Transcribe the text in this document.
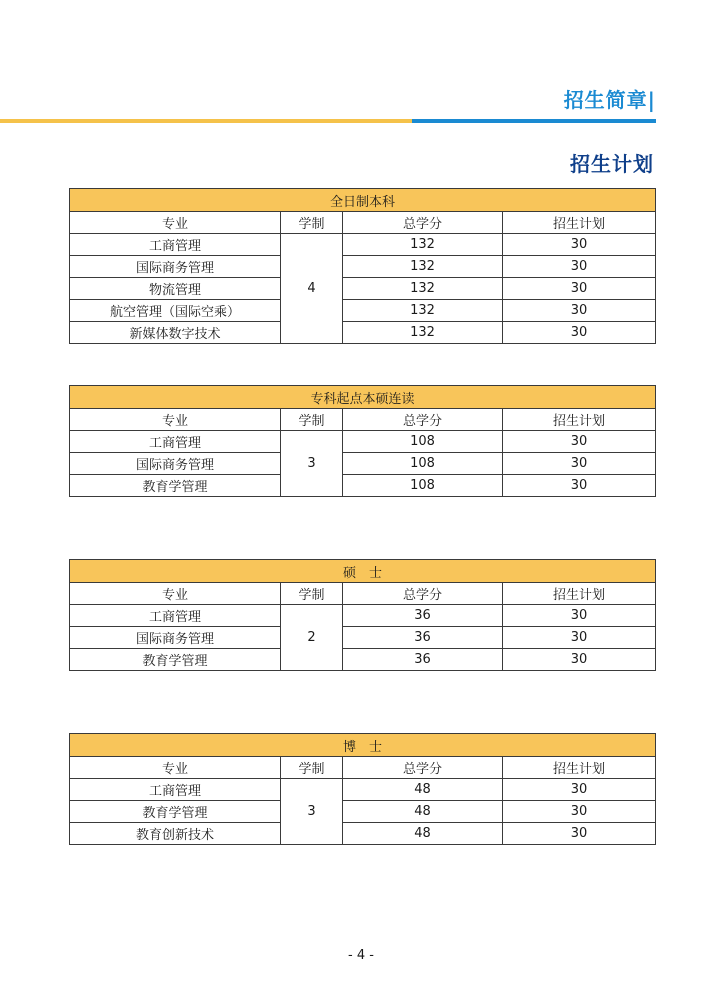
招生简章|
招生计划
全日制本科			
专业	学制	总学分	招生计划
工商管理	4	132	30
国际商务管理		132	30
物流管理		132	30
航空管理（国际空乘）		132	30
新媒体数字技术		132	30
专科起点本硕连读			
专业	学制	总学分	招生计划
工商管理	3	108	30
国际商务管理		108	30
教育学管理		108	30
硕　士			
专业	学制	总学分	招生计划
工商管理	2	36	30
国际商务管理		36	30
教育学管理		36	30
博　士			
专业	学制	总学分	招生计划
工商管理	3	48	30
教育学管理		48	30
教育创新技术		48	30
- 4 -
